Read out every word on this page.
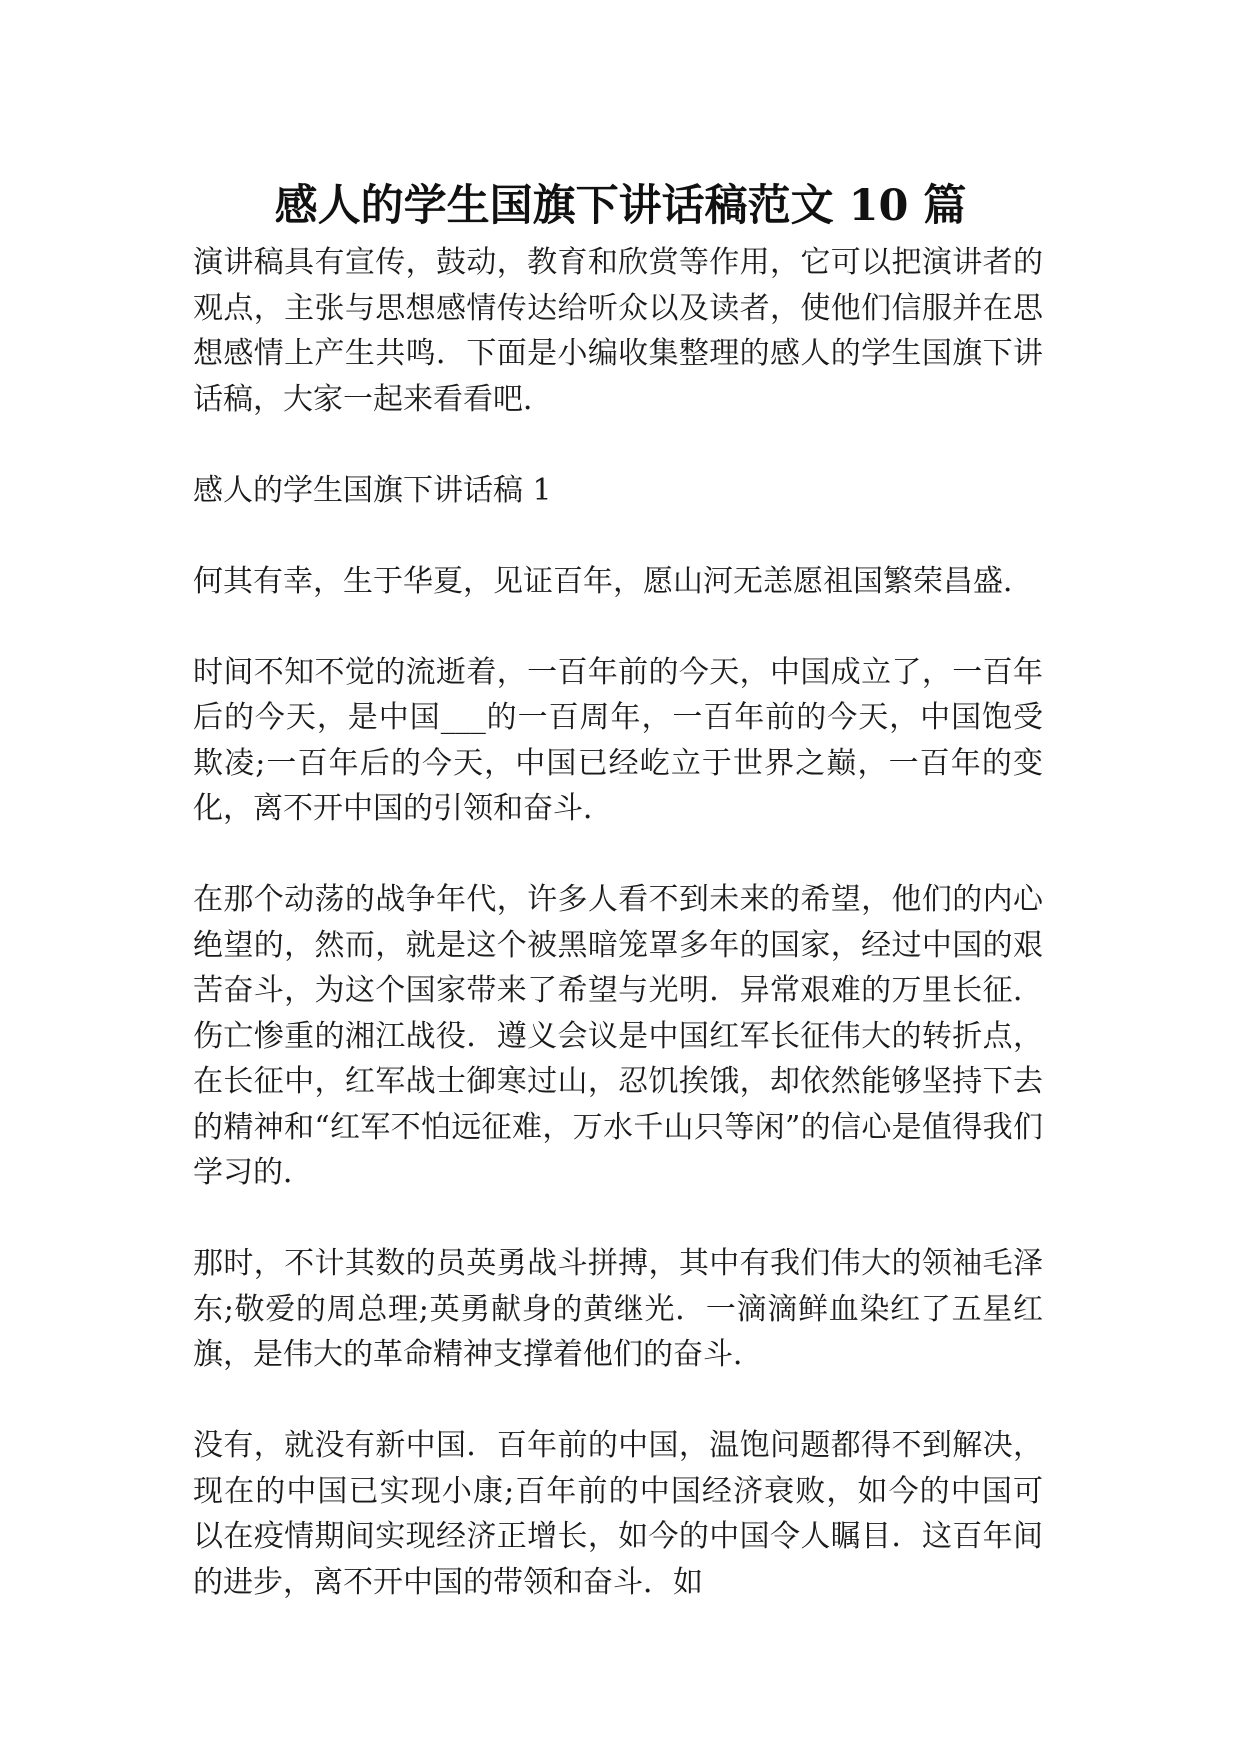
感人的学生国旗下讲话稿范文 10 篇

演讲稿具有宣传，鼓动，教育和欣赏等作用，它可以把演讲者的观点，主张与思想感情传达给听众以及读者，使他们信服并在思想感情上产生共鸣．下面是小编收集整理的感人的学生国旗下讲话稿，大家一起来看看吧．

感人的学生国旗下讲话稿 1

何其有幸，生于华夏，见证百年，愿山河无恙愿祖国繁荣昌盛．

时间不知不觉的流逝着，一百年前的今天，中国成立了，一百年后的今天，是中国___的一百周年，一百年前的今天，中国饱受欺凌;一百年后的今天，中国已经屹立于世界之巅，一百年的变化，离不开中国的引领和奋斗．

在那个动荡的战争年代，许多人看不到未来的希望，他们的内心绝望的，然而，就是这个被黑暗笼罩多年的国家，经过中国的艰苦奋斗，为这个国家带来了希望与光明．异常艰难的万里长征．伤亡惨重的湘江战役．遵义会议是中国红军长征伟大的转折点，在长征中，红军战士御寒过山，忍饥挨饿，却依然能够坚持下去的精神和“红军不怕远征难，万水千山只等闲”的信心是值得我们学习的．

那时，不计其数的员英勇战斗拼搏，其中有我们伟大的领袖毛泽东;敬爱的周总理;英勇献身的黄继光．一滴滴鲜血染红了五星红旗，是伟大的革命精神支撑着他们的奋斗．

没有，就没有新中国．百年前的中国，温饱问题都得不到解决，现在的中国已实现小康;百年前的中国经济衰败，如今的中国可以在疫情期间实现经济正增长，如今的中国令人瞩目．这百年间的进步，离不开中国的带领和奋斗．如
